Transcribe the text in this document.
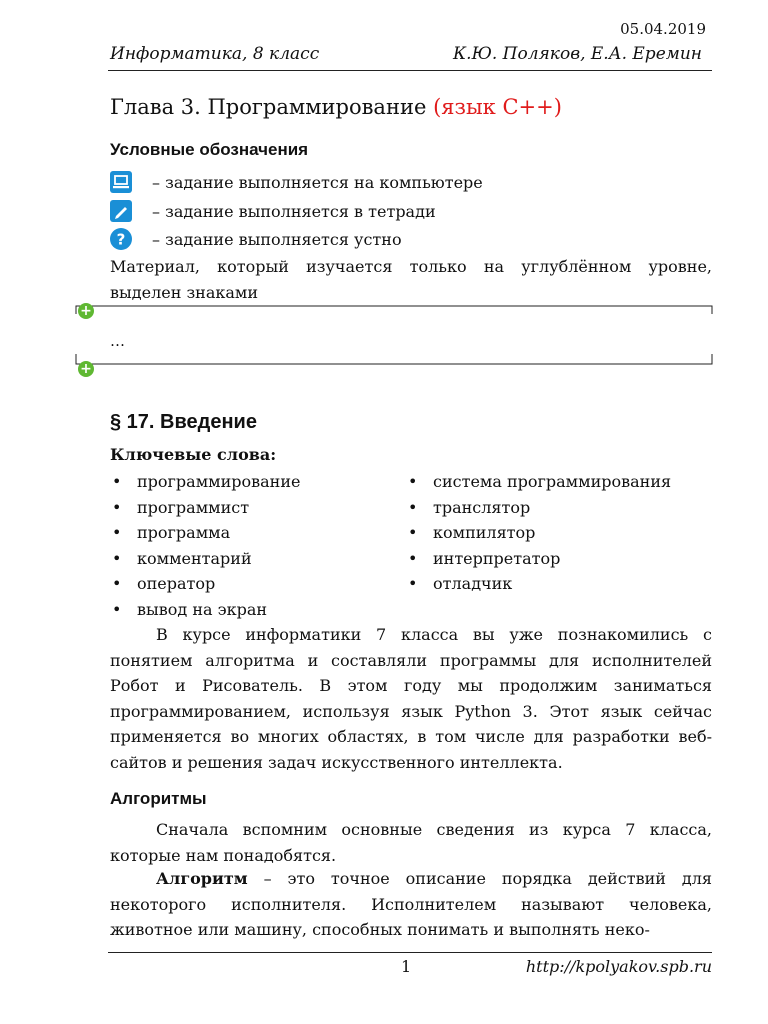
05.04.2019
Информатика, 8 класс	К.Ю. Поляков, Е.А. Еремин
Глава 3. Программирование (язык С++)
Условные обозначения
– задание выполняется на компьютере
– задание выполняется в тетради
? – задание выполняется устно
Материал, который изучается только на углублённом уровне, выделен знаками
+
+
…
§ 17. Введение
Ключевые слова:
• программирование
• программист
• программа
• комментарий
• оператор
• вывод на экран
• система программирования
• транслятор
• компилятор
• интерпретатор
• отладчик
В курсе информатики 7 класса вы уже познакомились с понятием алгоритма и составляли программы для исполнителей Робот и Рисователь. В этом году мы продолжим заниматься программированием, используя язык Python 3. Этот язык сейчас применяется во многих областях, в том числе для разработки веб-сайтов и решения задач искусственного интеллекта.
Алгоритмы
Сначала вспомним основные сведения из курса 7 класса, которые нам понадобятся.
Алгоритм – это точное описание порядка действий для некоторого исполнителя. Исполнителем называют человека, животное или машину, способных понимать и выполнять неко-
1	http://kpolyakov.spb.ru
